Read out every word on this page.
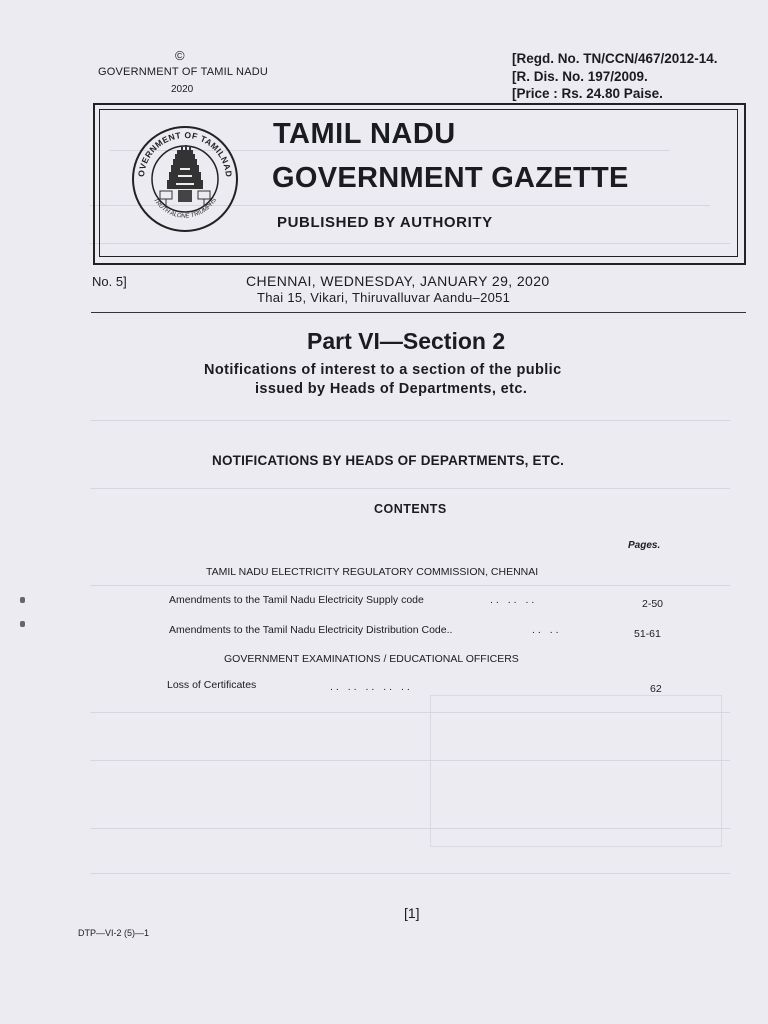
©
GOVERNMENT OF TAMIL NADU
2020
[Regd. No. TN/CCN/467/2012-14.
[R. Dis. No. 197/2009.
[Price : Rs. 24.80 Paise.
OVERNMENT OF TAMILNAD
TRUTH ALONE TRIUMPHS
TAMIL NADU
GOVERNMENT GAZETTE
PUBLISHED BY AUTHORITY
No. 5]	CHENNAI, WEDNESDAY, JANUARY 29, 2020
Thai 15, Vikari, Thiruvalluvar Aandu–2051
Part VI—Section 2
Notifications of interest to a section of the public
issued by Heads of Departments, etc.
NOTIFICATIONS BY HEADS OF DEPARTMENTS, ETC.
CONTENTS
Pages.
TAMIL NADU ELECTRICITY REGULATORY COMMISSION, CHENNAI
Amendments to the Tamil Nadu Electricity Supply code	.. .. ..	2-50
Amendments to the Tamil Nadu Electricity Distribution Code..	.. ..	51-61
GOVERNMENT EXAMINATIONS / EDUCATIONAL OFFICERS
Loss of Certificates	.. .. .. .. ..	62
[1]
DTP—VI-2 (5)—1
